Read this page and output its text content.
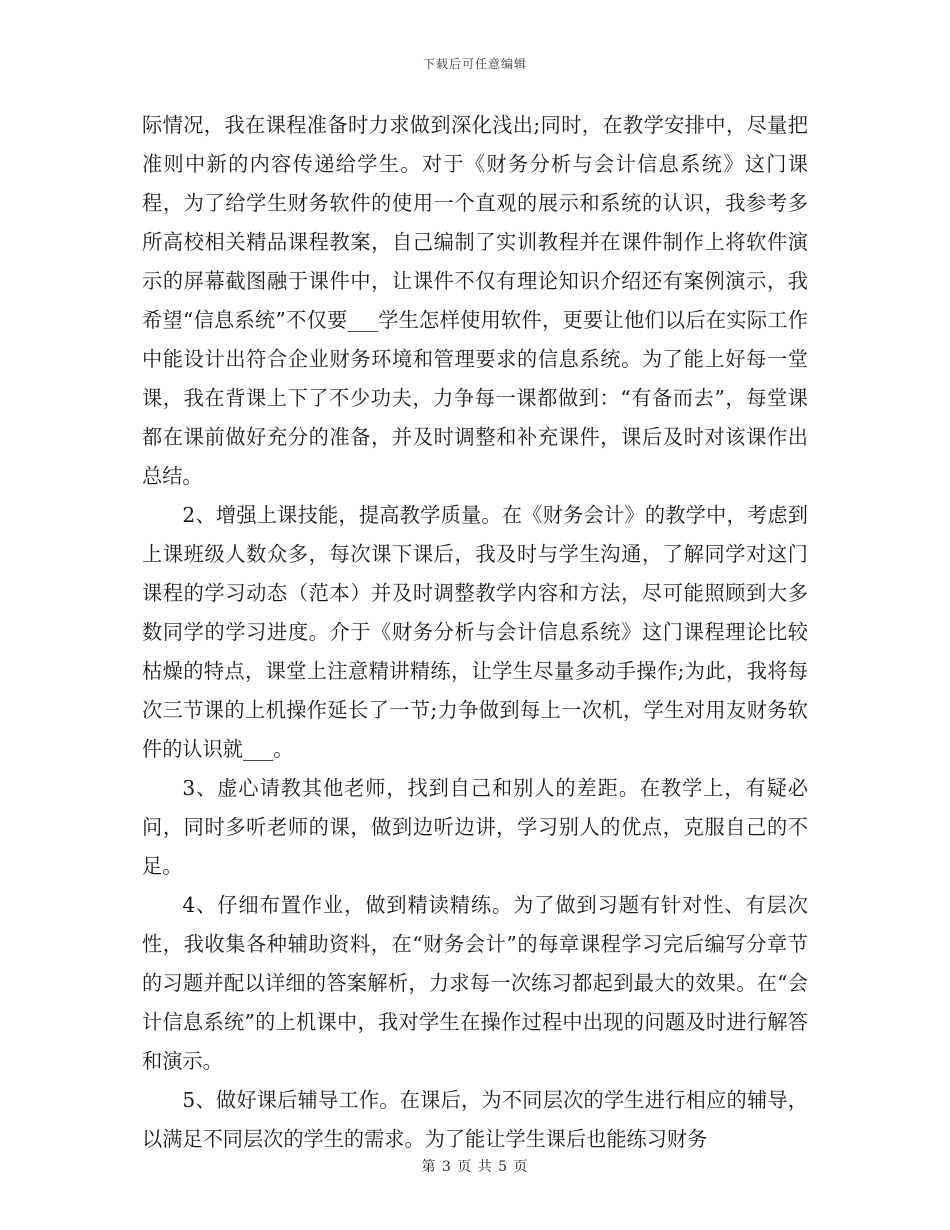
下载后可任意编辑

际情况，我在课程准备时力求做到深化浅出;同时，在教学安排中，尽量把准则中新的内容传递给学生。对于《财务分析与会计信息系统》这门课程，为了给学生财务软件的使用一个直观的展示和系统的认识，我参考多所高校相关精品课程教案，自己编制了实训教程并在课件制作上将软件演示的屏幕截图融于课件中，让课件不仅有理论知识介绍还有案例演示，我希望“信息系统”不仅要___学生怎样使用软件，更要让他们以后在实际工作中能设计出符合企业财务环境和管理要求的信息系统。为了能上好每一堂课，我在背课上下了不少功夫，力争每一课都做到：“有备而去”，每堂课都在课前做好充分的准备，并及时调整和补充课件，课后及时对该课作出总结。

2、增强上课技能，提高教学质量。在《财务会计》的教学中，考虑到上课班级人数众多，每次课下课后，我及时与学生沟通，了解同学对这门课程的学习动态（范本）并及时调整教学内容和方法，尽可能照顾到大多数同学的学习进度。介于《财务分析与会计信息系统》这门课程理论比较枯燥的特点，课堂上注意精讲精练，让学生尽量多动手操作;为此，我将每次三节课的上机操作延长了一节;力争做到每上一次机，学生对用友财务软件的认识就___。

3、虚心请教其他老师，找到自己和别人的差距。在教学上，有疑必问，同时多听老师的课，做到边听边讲，学习别人的优点，克服自己的不足。

4、仔细布置作业，做到精读精练。为了做到习题有针对性、有层次性，我收集各种辅助资料，在“财务会计”的每章课程学习完后编写分章节的习题并配以详细的答案解析，力求每一次练习都起到最大的效果。在“会计信息系统”的上机课中，我对学生在操作过程中出现的问题及时进行解答和演示。

5、做好课后辅导工作。在课后，为不同层次的学生进行相应的辅导，以满足不同层次的学生的需求。为了能让学生课后也能练习财务

第 3 页 共 5 页
